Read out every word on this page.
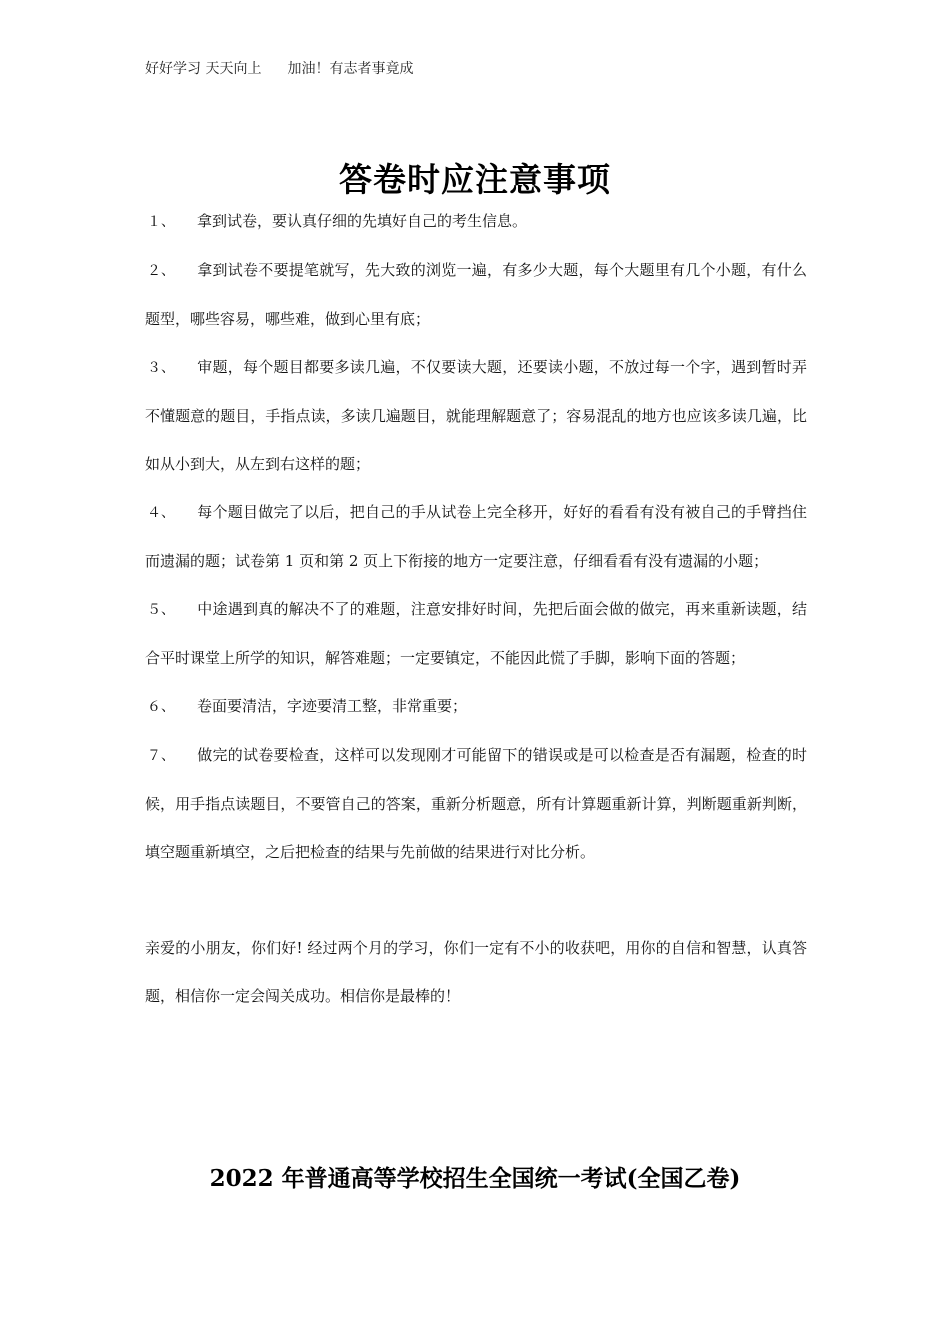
好好学习 天天向上 加油！有志者事竟成
答卷时应注意事项

１、 拿到试卷，要认真仔细的先填好自己的考生信息。

２、 拿到试卷不要提笔就写，先大致的浏览一遍，有多少大题，每个大题里有几个小题，有什么题型，哪些容易，哪些难，做到心里有底；

３、 审题，每个题目都要多读几遍，不仅要读大题，还要读小题，不放过每一个字，遇到暂时弄不懂题意的题目，手指点读，多读几遍题目，就能理解题意了；容易混乱的地方也应该多读几遍，比如从小到大，从左到右这样的题；

４、 每个题目做完了以后，把自己的手从试卷上完全移开，好好的看看有没有被自己的手臂挡住而遗漏的题；试卷第 1 页和第 2 页上下衔接的地方一定要注意，仔细看看有没有遗漏的小题；

５、 中途遇到真的解决不了的难题，注意安排好时间，先把后面会做的做完，再来重新读题，结合平时课堂上所学的知识，解答难题；一定要镇定，不能因此慌了手脚，影响下面的答题；

６、 卷面要清洁，字迹要清工整，非常重要；

７、 做完的试卷要检查，这样可以发现刚才可能留下的错误或是可以检查是否有漏题，检查的时候，用手指点读题目，不要管自己的答案，重新分析题意，所有计算题重新计算，判断题重新判断，填空题重新填空，之后把检查的结果与先前做的结果进行对比分析。

亲爱的小朋友，你们好! 经过两个月的学习，你们一定有不小的收获吧，用你的自信和智慧，认真答题，相信你一定会闯关成功。相信你是最棒的！

2022 年普通高等学校招生全国统一考试(全国乙卷)
